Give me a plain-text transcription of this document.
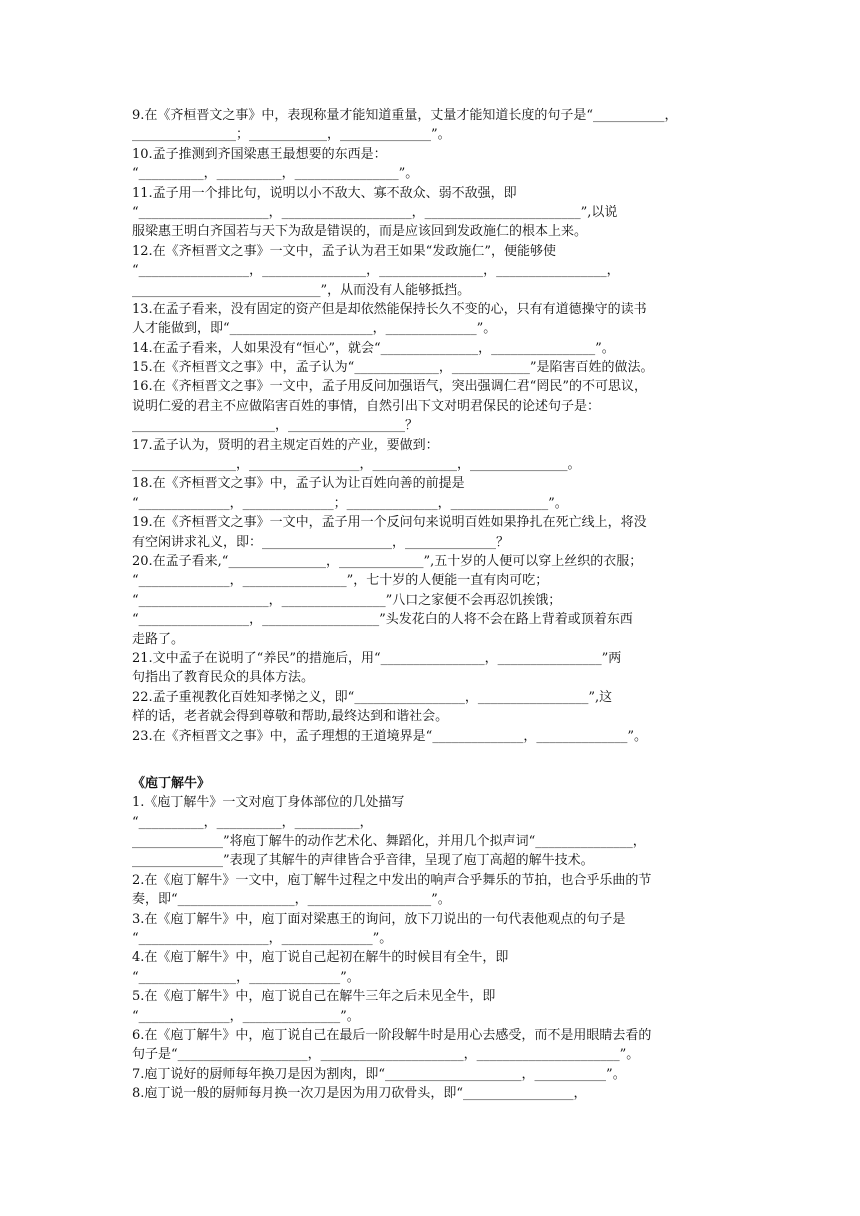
9.在《齐桓晋文之事》中，表现称量才能知道重量，丈量才能知道长度的句子是“___________，
________________；____________，______________”。
10.孟子推测到齐国梁惠王最想要的东西是：
“__________，__________，________________”。
11.孟子用一个排比句，说明以小不敌大、寡不敌众、弱不敌强，即
“____________________，____________________，________________________”,以说
服梁惠王明白齐国若与天下为敌是错误的，而是应该回到发政施仁的根本上来。
12.在《齐桓晋文之事》一文中，孟子认为君王如果“发政施仁”，便能够使
“_________________，________________，________________，_________________，
_____________________________”，从而没有人能够抵挡。
13.在孟子看来，没有固定的资产但是却依然能保持长久不变的心，只有有道德操守的读书
人才能做到，即“______________________，______________”。
14.在孟子看来，人如果没有“恒心”，就会“_______________，________________”。
15.在《齐桓晋文之事》中，孟子认为“_____________，____________”是陷害百姓的做法。
16.在《齐桓晋文之事》一文中，孟子用反问加强语气，突出强调仁君“罔民”的不可思议，
说明仁爱的君主不应做陷害百姓的事情，自然引出下文对明君保民的论述句子是：
______________________，__________________？
17.孟子认为，贤明的君主规定百姓的产业，要做到：
________________，_________________，_____________，_______________。
18.在《齐桓晋文之事》中，孟子认为让百姓向善的前提是
“______________，______________；______________，_______________”。
19.在《齐桓晋文之事》一文中，孟子用一个反问句来说明百姓如果挣扎在死亡线上，将没
有空闲讲求礼义，即：____________________，______________？
20.在孟子看来,“_______________，_____________”,五十岁的人便可以穿上丝织的衣服；
“______________，________________”，七十岁的人便能一直有肉可吃；
“____________________，________________”八口之家便不会再忍饥挨饿；
“_________________，__________________”头发花白的人将不会在路上背着或顶着东西
走路了。
21.文中孟子在说明了“养民”的措施后，用“________________，________________”两
句指出了教育民众的具体方法。
22.孟子重视教化百姓知孝悌之义，即“_________________，_________________”,这
样的话，老者就会得到尊敬和帮助,最终达到和谐社会。
23.在《齐桓晋文之事》中，孟子理想的王道境界是“______________，______________”。
《庖丁解牛》
1.《庖丁解牛》一文对庖丁身体部位的几处描写
“__________，__________，__________，
______________”将庖丁解牛的动作艺术化、舞蹈化，并用几个拟声词“_______________，
______________”表现了其解牛的声律皆合乎音律，呈现了庖丁高超的解牛技术。
2.在《庖丁解牛》一文中，庖丁解牛过程之中发出的响声合乎舞乐的节拍，也合乎乐曲的节
奏，即“__________________，___________________”。
3.在《庖丁解牛》中，庖丁面对梁惠王的询问，放下刀说出的一句代表他观点的句子是
“____________________，______________”。
4.在《庖丁解牛》中，庖丁说自己起初在解牛的时候目有全牛，即
“_______________，______________”。
5.在《庖丁解牛》中，庖丁说自己在解牛三年之后未见全牛，即
“______________，_______________”。
6.在《庖丁解牛》中，庖丁说自己在最后一阶段解牛时是用心去感受，而不是用眼睛去看的
句子是“____________________，______________________，______________________”。
7.庖丁说好的厨师每年换刀是因为割肉，即“_____________________，___________”。
8.庖丁说一般的厨师每月换一次刀是因为用刀砍骨头，即“_________________，
